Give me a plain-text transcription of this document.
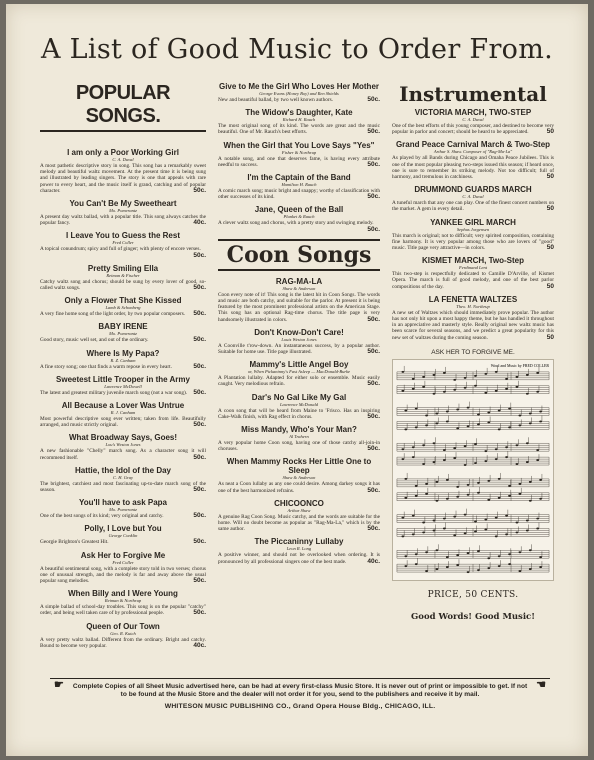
A List of Good Music to Order From.
POPULAR SONGS.
I am only a Poor Working Girl
C. A. Duval
A most pathetic descriptive story in song. This song has a remarkably sweet melody and beautiful waltz movement. At the present time it is being sung and illustrated by leading singers. The story is one that appeals with rare power to every heart, and the music itself is grand, catching and of popular character.	50c.
You Can't Be My Sweetheart
Mo. Pomerantz
A present day waltz ballad, with a popular title. This song always catches the popular fancy.	40c.
I Leave You to Guess the Rest
Fred Coller
A topical conundrum; spicy and full of ginger; with plenty of encore verses.
50c.
Pretty Smiling Ella
Reiman & Fischer
Catchy waltz song and chorus; should be sung by every lover of good, so-called waltz songs.	50c.
Only a Flower That She Kissed
Lamb & Schonberg
A very fine home song of the light order, by two popular composers. 50c.
BABY IRENE
Mo. Pomerantz
Good story, music well set, and out of the ordinary.	50c.
Where Is My Papa?
R. Z. Canham
A fine story song; one that finds a warm repose in every heart.	50c.
Sweetest Little Trooper in the Army
Lawrence McDowell
The latest and greatest military juvenile march song (not a war song). 50c.
All Because a Lover Was Untrue
R. J. Canham
Most powerful descriptive song ever written; taken from life. Beautifully arranged, and music strictly original.	50c.
What Broadway Says, Goes!
Lou's Weston Jones
A new fashionable "Chelly" march song. As a character song it will recommend itself.	50c.
Hattie, the Idol of the Day
C. H. Gray
The brightest, catchiest and most fascinating up-to-date march song of the season.	50c.
You'll have to ask Papa
Mo. Pomerantz
One of the best songs of its kind; very original and catchy.	50c.
Polly, I Love but You
George Conklin
Georgie Brighton's Greatest Hit.	50c.
Ask Her to Forgive Me
Fred Coller
A beautiful sentimental song, with a complete story told in two verses; chorus one of unusual strength, and the melody is far and away above the usual popular song melodies.	50c.
When Billy and I Were Young
Reiman & Northrup
A simple ballad of school-day troubles. This song is on the popular "catchy" order, and being well taken care of by professional people.	50c.
Queen of Our Town
Geo. R. Kutch
A very pretty waltz ballad. Different from the ordinary. Bright and catchy. Bound to become very popular.	40c.
Give to Me the Girl Who Loves Her Mother
George Evans (Honey Boy) and Ren Shields
New and beautiful ballad, by two well known authors.	50c.
The Widow's Daughter, Kate
Richard H. Rauch
The most original song of its kind. The words are great and the music beautiful. One of Mr. Rauch's best efforts.	50c.
When the Girl that You Love Says "Yes"
Fisher & Northrup
A notable song, and one that deserves fame, is having every attribute needful to success.	50c.
I'm the Captain of the Band
Hamilton H. Rauch
A comic march song; music bright and snappy; worthy of classification with other successes of its kind.	50c.
Jane, Queen of the Ball
Plunket & Rauch
A clever waltz song and chorus, with a pretty story and swinging melody.
50c.
Coon Songs
RAG-MA-LA
Shaw & Anderson
Coon every note of it! This song is the latest hit in Coon Songs. The words and music are both catchy, and suitable for the parlor. At present it is being featured by the most prominent professional artists on the American Stage. This song has an optional Rag-time chorus. The title page is very handsomely illustrated in colors.	50c.
Don't Know-Don't Care!
Louis Weston Jones
A Coonville t'row-down. An instantaneous success, by a popular author. Suitable for home use. Title page illustrated.	50c.
Mammy's Little Angel Boy
or, When Pickaninny's Fast Asleep — MacDonald-Burke
A Plantation lullaby. Adapted for either solo or ensemble. Music easily caught. Very melodious refrain.	50c.
Dar's No Gal Like My Gal
Lawrence McDonald
A coon song that will be heard from Maine to 'Frisco. Has an inspiring Cake-Walk finish, with Rag effect in chorus.	50c.
Miss Mandy, Who's Your Man?
Al Trahern
A very popular home Coon song, having one of those catchy all-join-in choruses.	50c.
When Mammy Rocks Her Little One to Sleep
Shaw & Anderson
As neat a Coon lullaby as any one could desire. Among darkey songs it has one of the best harmonized refrains.	50c.
CHICOONCO
Arthur Shaw
A genuine Rag Coon Song. Music catchy, and the words are suitable for the home. Will no doubt become as popular as "Rag-Ma-La," which is by the same author.	50c.
The Piccaninny Lullaby
Leon R. Long
A positive winner, and should not be overlooked when ordering. It is pronounced by all professional singers one of the best made.	40c.
Instrumental
VICTORIA MARCH, TWO-STEP
C. A. Duval
One of the best efforts of this young composer, and destined to become very popular in parlor and concert; should be heard to be appreciated.	50
Grand Peace Carnival March & Two-Step
Arthur S. Shaw. Composer of "Rag-Ma-La"
As played by all Bands during Chicago and Omaha Peace Jubilees. This is one of the most popular pleasing two-steps issued this season; if heard once, one is sure to remember its striking melody. Not too difficult; full of harmony, and tremulous in catchiness.	50
DRUMMOND GUARDS MARCH
C. A. Duval
A tuneful march that any one can play. One of the finest concert numbers on the market. A gem in every detail.	50
YANKEE GIRL MARCH
Sephus Jorgensen
This march is original; not to difficult; very spirited composition, containing fine harmony. It is very popular among those who are lovers of "good" music. Title page very attractive—in colors.	50
KISMET MARCH, Two-Step
Ferdinand Lent
This two-step is respectfully dedicated to Camille D'Arville, of Kismet Opera. The march is full of good melody, and one of the best parlor compositions of the day.	50
LA FENETTA WALTZES
Theo. H. Northrup
A new set of Waltzes which should immediately prove popular. The author has not only hit upon a most happy theme, but he has handled it throughout in an appreciative and masterly style. Really original new waltz music has been scarce for several seasons, and we predict a great popularity for this new set of waltzes during the coming season.	50
ASK HER TO FORGIVE ME.
Word and Music by FRED COLLER
PRICE, 50 CENTS.
Good Words! Good Music!
☛	☚
Complete Copies of all Sheet Music advertised here, can be had at every first-class Music Store. It is never out of print or impossible to get. If not to be found at the Music Store and the dealer will not order it for you, send to the publishers and receive it by mail.
WHITESON MUSIC PUBLISHING CO., Grand Opera House Bldg., CHICAGO, ILL.
